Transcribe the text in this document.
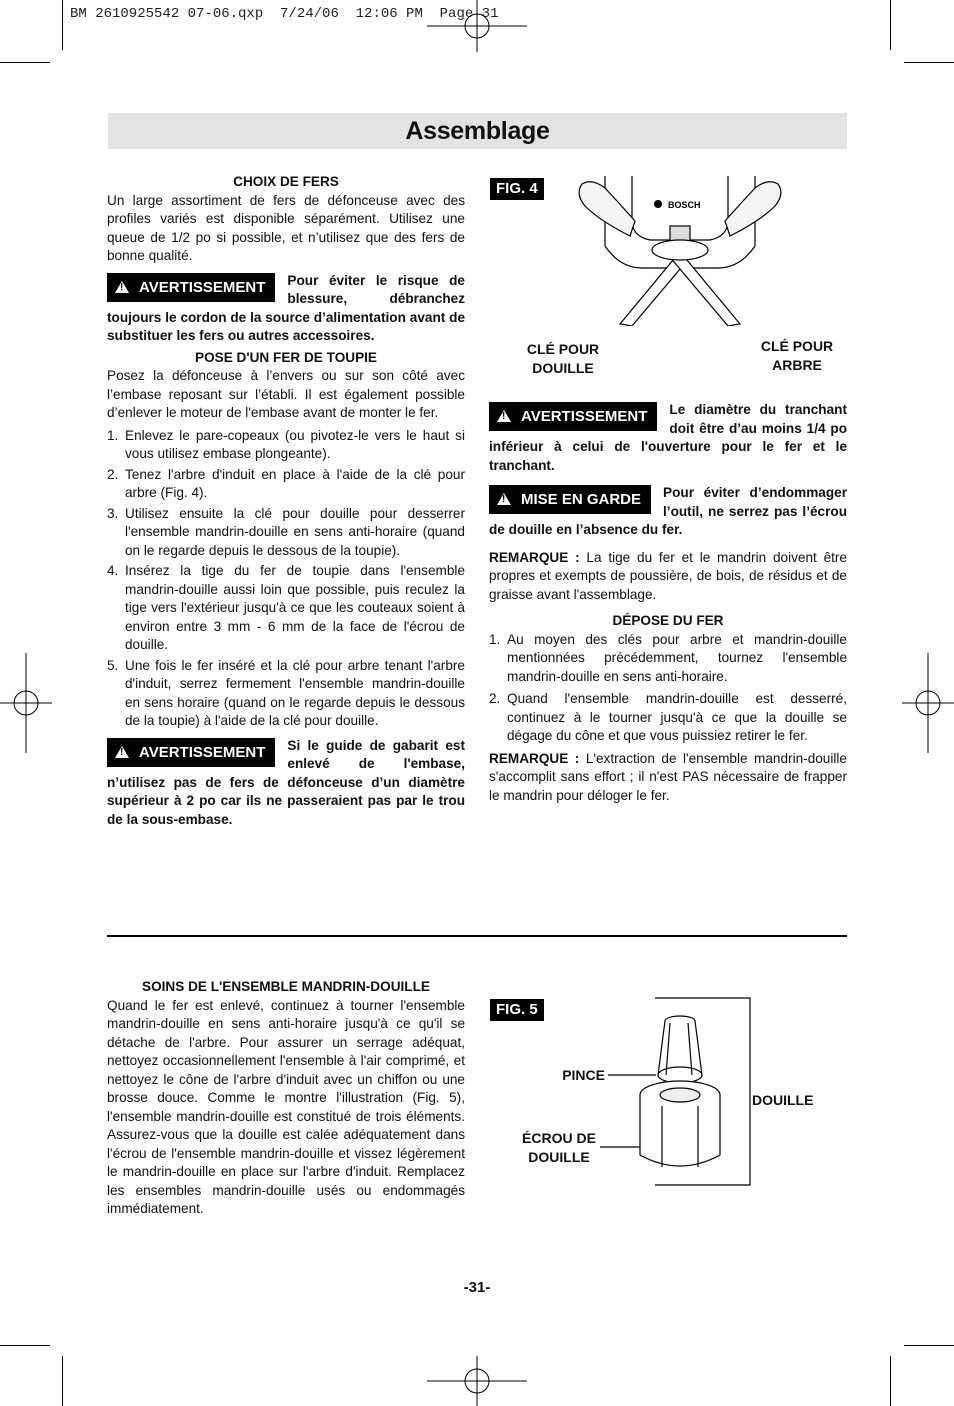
BM 2610925542 07-06.qxp  7/24/06  12:06 PM  Page 31
Assemblage

CHOIX DE FERS

Un large assortiment de fers de défonceuse avec des profiles variés est disponible séparément. Utilisez une queue de 1/2 po si possible, et n’utilisez que des fers de bonne qualité.

!AVERTISSEMENT	Pour éviter le risque de blessure, débranchez toujours le cordon de la source d’alimentation avant de substituer les fers ou autres accessoires.

POSE D'UN FER DE TOUPIE

Posez la défonceuse à l’envers ou sur son côté avec l’embase reposant sur l’établi. Il est également possible d’enlever le moteur de l'embase avant de monter le fer.

1. Enlevez le pare-copeaux (ou pivotez-le vers le haut si vous utilisez embase plongeante).
2. Tenez l'arbre d'induit en place à l'aide de la clé pour arbre (Fig. 4).
3. Utilisez ensuite la clé pour douille pour desserrer l'ensemble mandrin-douille en sens anti-horaire (quand on le regarde depuis le dessous de la toupie).
4. Insérez la tige du fer de toupie dans l'ensemble mandrin-douille aussi loin que possible, puis reculez la tige vers l'extérieur jusqu'à ce que les couteaux soient à environ entre 3 mm - 6 mm de la face de l'écrou de douille.
5. Une fois le fer inséré et la clé pour arbre tenant l'arbre d'induit, serrez fermement l'ensemble mandrin-douille en sens horaire (quand on le regarde depuis le dessous de la toupie) à l'aide de la clé pour douille.
!AVERTISSEMENT	Si le guide de gabarit est enlevé de l'embase, n’utilisez pas de fers de défonceuse d’un diamètre supérieur à 2 po car ils ne passeraient pas par le trou de la sous-embase.
FIG. 4
BOSCH
CLÉ POUR DOUILLE
CLÉ POUR ARBRE
!AVERTISSEMENT	Le diamètre du tranchant doit être d’au moins 1/4 po inférieur à celui de l'ouverture pour le fer et le tranchant.
!MISE EN GARDE	Pour éviter d’endommager l’outil, ne serrez pas l’écrou de douille en l’absence du fer.

REMARQUE : La tige du fer et le mandrin doivent être propres et exempts de poussière, de bois, de résidus et de graisse avant l'assemblage.

DÉPOSE DU FER

1. Au moyen des clés pour arbre et mandrin-douille mentionnées précédemment, tournez l'ensemble mandrin-douille en sens anti-horaire.
2. Quand l'ensemble mandrin-douille est desserré, continuez à le tourner jusqu'à ce que la douille se dégage du cône et que vous puissiez retirer le fer.

REMARQUE : L'extraction de l'ensemble mandrin-douille s'accomplit sans effort ; il n'est PAS nécessaire de frapper le mandrin pour déloger le fer.

SOINS DE L'ENSEMBLE MANDRIN-DOUILLE

Quand le fer est enlevé, continuez à tourner l'ensemble mandrin-douille en sens anti-horaire jusqu'à ce qu'il se détache de l'arbre. Pour assurer un serrage adéquat, nettoyez occasionnellement l'ensemble à l'air comprimé, et nettoyez le cône de l'arbre d'induit avec un chiffon ou une brosse douce. Comme le montre l'illustration (Fig. 5), l'ensemble mandrin-douille est constitué de trois éléments. Assurez-vous que la douille est calée adéquatement dans l'écrou de l'ensemble mandrin-douille et vissez légèrement le mandrin-douille en place sur l'arbre d'induit. Remplacez les ensembles mandrin-douille usés ou endommagés immédiatement.

FIG. 5
PINCE
ÉCROU DE DOUILLE
DOUILLE
-31-
